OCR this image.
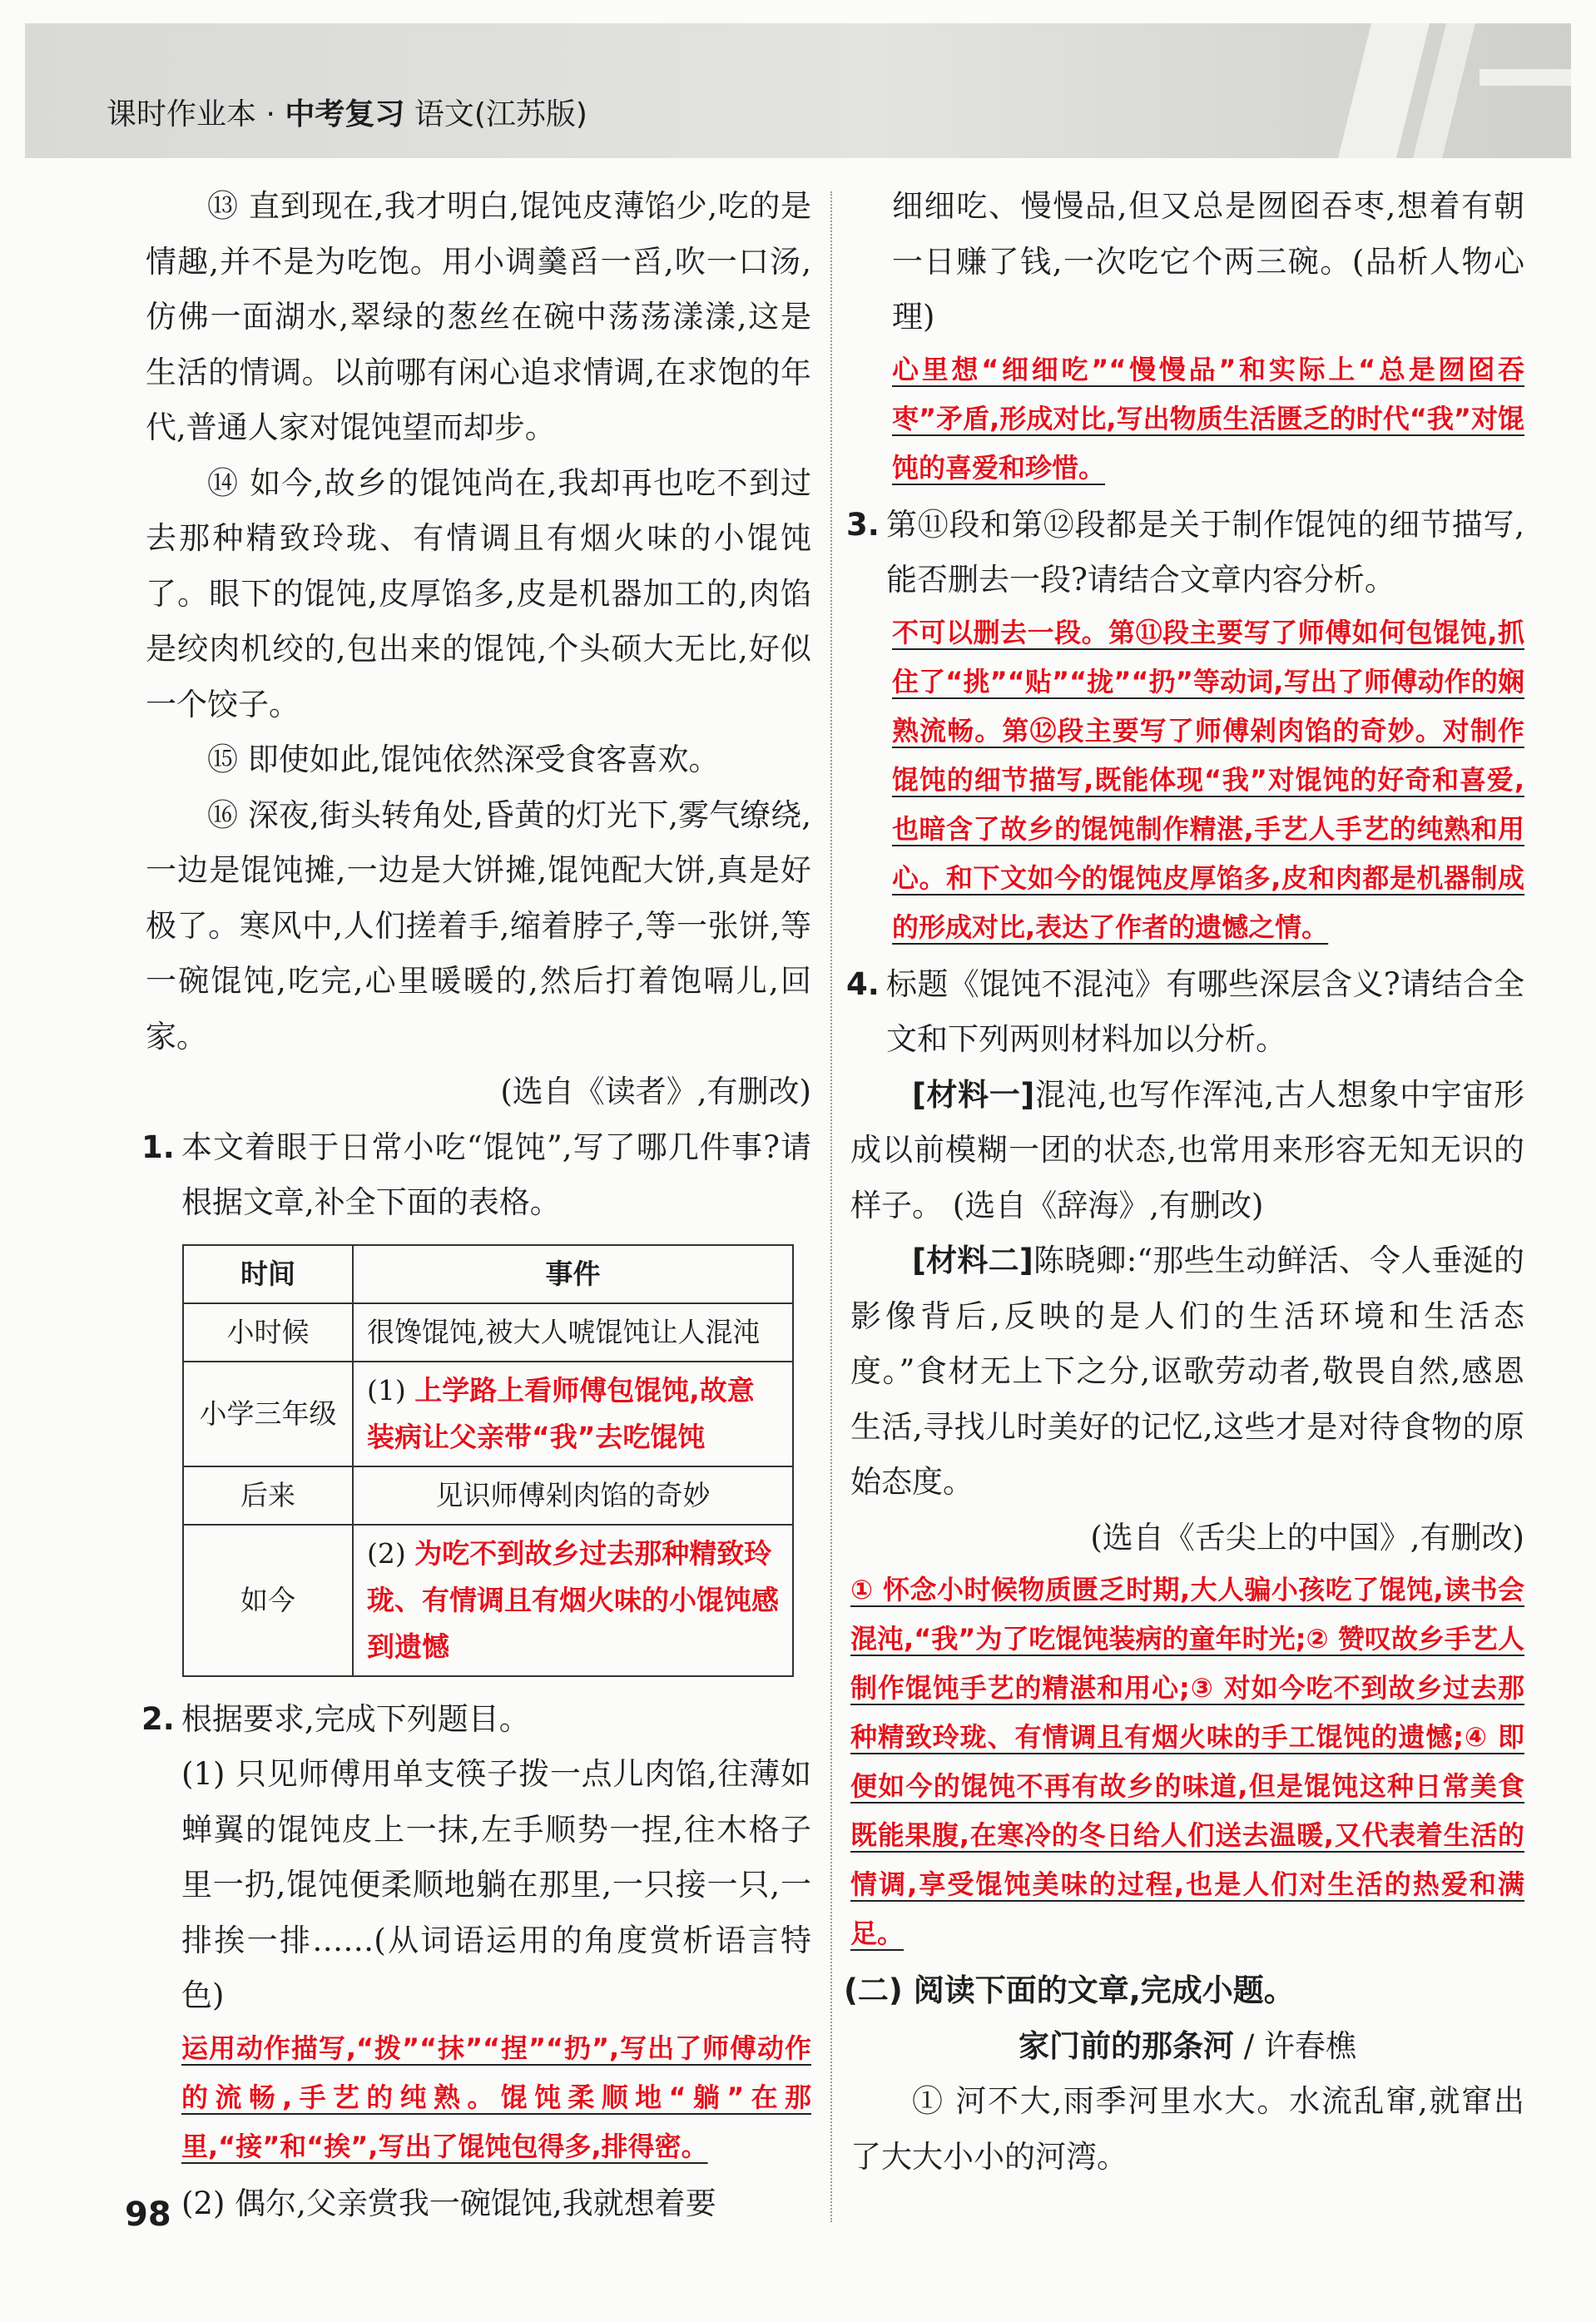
课时作业本 · 中考复习 语文(江苏版)

⑬ 直到现在,我才明白,馄饨皮薄馅少,吃的是情趣,并不是为吃饱。用小调羹舀一舀,吹一口汤,仿佛一面湖水,翠绿的葱丝在碗中荡荡漾漾,这是生活的情调。以前哪有闲心追求情调,在求饱的年代,普通人家对馄饨望而却步。

⑭ 如今,故乡的馄饨尚在,我却再也吃不到过去那种精致玲珑、有情调且有烟火味的小馄饨了。眼下的馄饨,皮厚馅多,皮是机器加工的,肉馅是绞肉机绞的,包出来的馄饨,个头硕大无比,好似一个饺子。

⑮ 即使如此,馄饨依然深受食客喜欢。

⑯ 深夜,街头转角处,昏黄的灯光下,雾气缭绕,一边是馄饨摊,一边是大饼摊,馄饨配大饼,真是好极了。寒风中,人们搓着手,缩着脖子,等一张饼,等一碗馄饨,吃完,心里暖暖的,然后打着饱嗝儿,回家。

(选自《读者》,有删改)

1. 本文着眼于日常小吃“馄饨”,写了哪几件事?请根据文章,补全下面的表格。

时间	事件
小时候	很馋馄饨,被大人唬馄饨让人混沌
小学三年级	(1) 上学路上看师傅包馄饨,故意装病让父亲带“我”去吃馄饨
后来	见识师傅剁肉馅的奇妙
如今	(2) 为吃不到故乡过去那种精致玲珑、有情调且有烟火味的小馄饨感到遗憾
2. 根据要求,完成下列题目。

(1) 只见师傅用单支筷子拨一点儿肉馅,往薄如蝉翼的馄饨皮上一抹,左手顺势一捏,往木格子里一扔,馄饨便柔顺地躺在那里,一只接一只,一排挨一排……(从词语运用的角度赏析语言特色)

运用动作描写,“拨”“抹”“捏”“扔”,写出了师傅动作的流畅,手艺的纯熟。馄饨柔顺地“躺”在那里,“接”和“挨”,写出了馄饨包得多,排得密。

(2) 偶尔,父亲赏我一碗馄饨,我就想着要

细细吃、慢慢品,但又总是囫囵吞枣,想着有朝一日赚了钱,一次吃它个两三碗。(品析人物心理)

心里想“细细吃”“慢慢品”和实际上“总是囫囵吞枣”矛盾,形成对比,写出物质生活匮乏的时代“我”对馄饨的喜爱和珍惜。

3. 第⑪段和第⑫段都是关于制作馄饨的细节描写,能否删去一段?请结合文章内容分析。

不可以删去一段。第⑪段主要写了师傅如何包馄饨,抓住了“挑”“贴”“拢”“扔”等动词,写出了师傅动作的娴熟流畅。第⑫段主要写了师傅剁肉馅的奇妙。对制作馄饨的细节描写,既能体现“我”对馄饨的好奇和喜爱,也暗含了故乡的馄饨制作精湛,手艺人手艺的纯熟和用心。和下文如今的馄饨皮厚馅多,皮和肉都是机器制成的形成对比,表达了作者的遗憾之情。

4. 标题《馄饨不混沌》有哪些深层含义?请结合全文和下列两则材料加以分析。

[材料一]混沌,也写作浑沌,古人想象中宇宙形成以前模糊一团的状态,也常用来形容无知无识的样子。 (选自《辞海》,有删改)

[材料二]陈晓卿:“那些生动鲜活、令人垂涎的影像背后,反映的是人们的生活环境和生活态度。”食材无上下之分,讴歌劳动者,敬畏自然,感恩生活,寻找儿时美好的记忆,这些才是对待食物的原始态度。

(选自《舌尖上的中国》,有删改)

① 怀念小时候物质匮乏时期,大人骗小孩吃了馄饨,读书会混沌,“我”为了吃馄饨装病的童年时光;② 赞叹故乡手艺人制作馄饨手艺的精湛和用心;③ 对如今吃不到故乡过去那种精致玲珑、有情调且有烟火味的手工馄饨的遗憾;④ 即便如今的馄饨不再有故乡的味道,但是馄饨这种日常美食既能果腹,在寒冷的冬日给人们送去温暖,又代表着生活的情调,享受馄饨美味的过程,也是人们对生活的热爱和满足。

(二) 阅读下面的文章,完成小题。

家门前的那条河 / 许春樵

① 河不大,雨季河里水大。水流乱窜,就窜出了大大小小的河湾。

98
